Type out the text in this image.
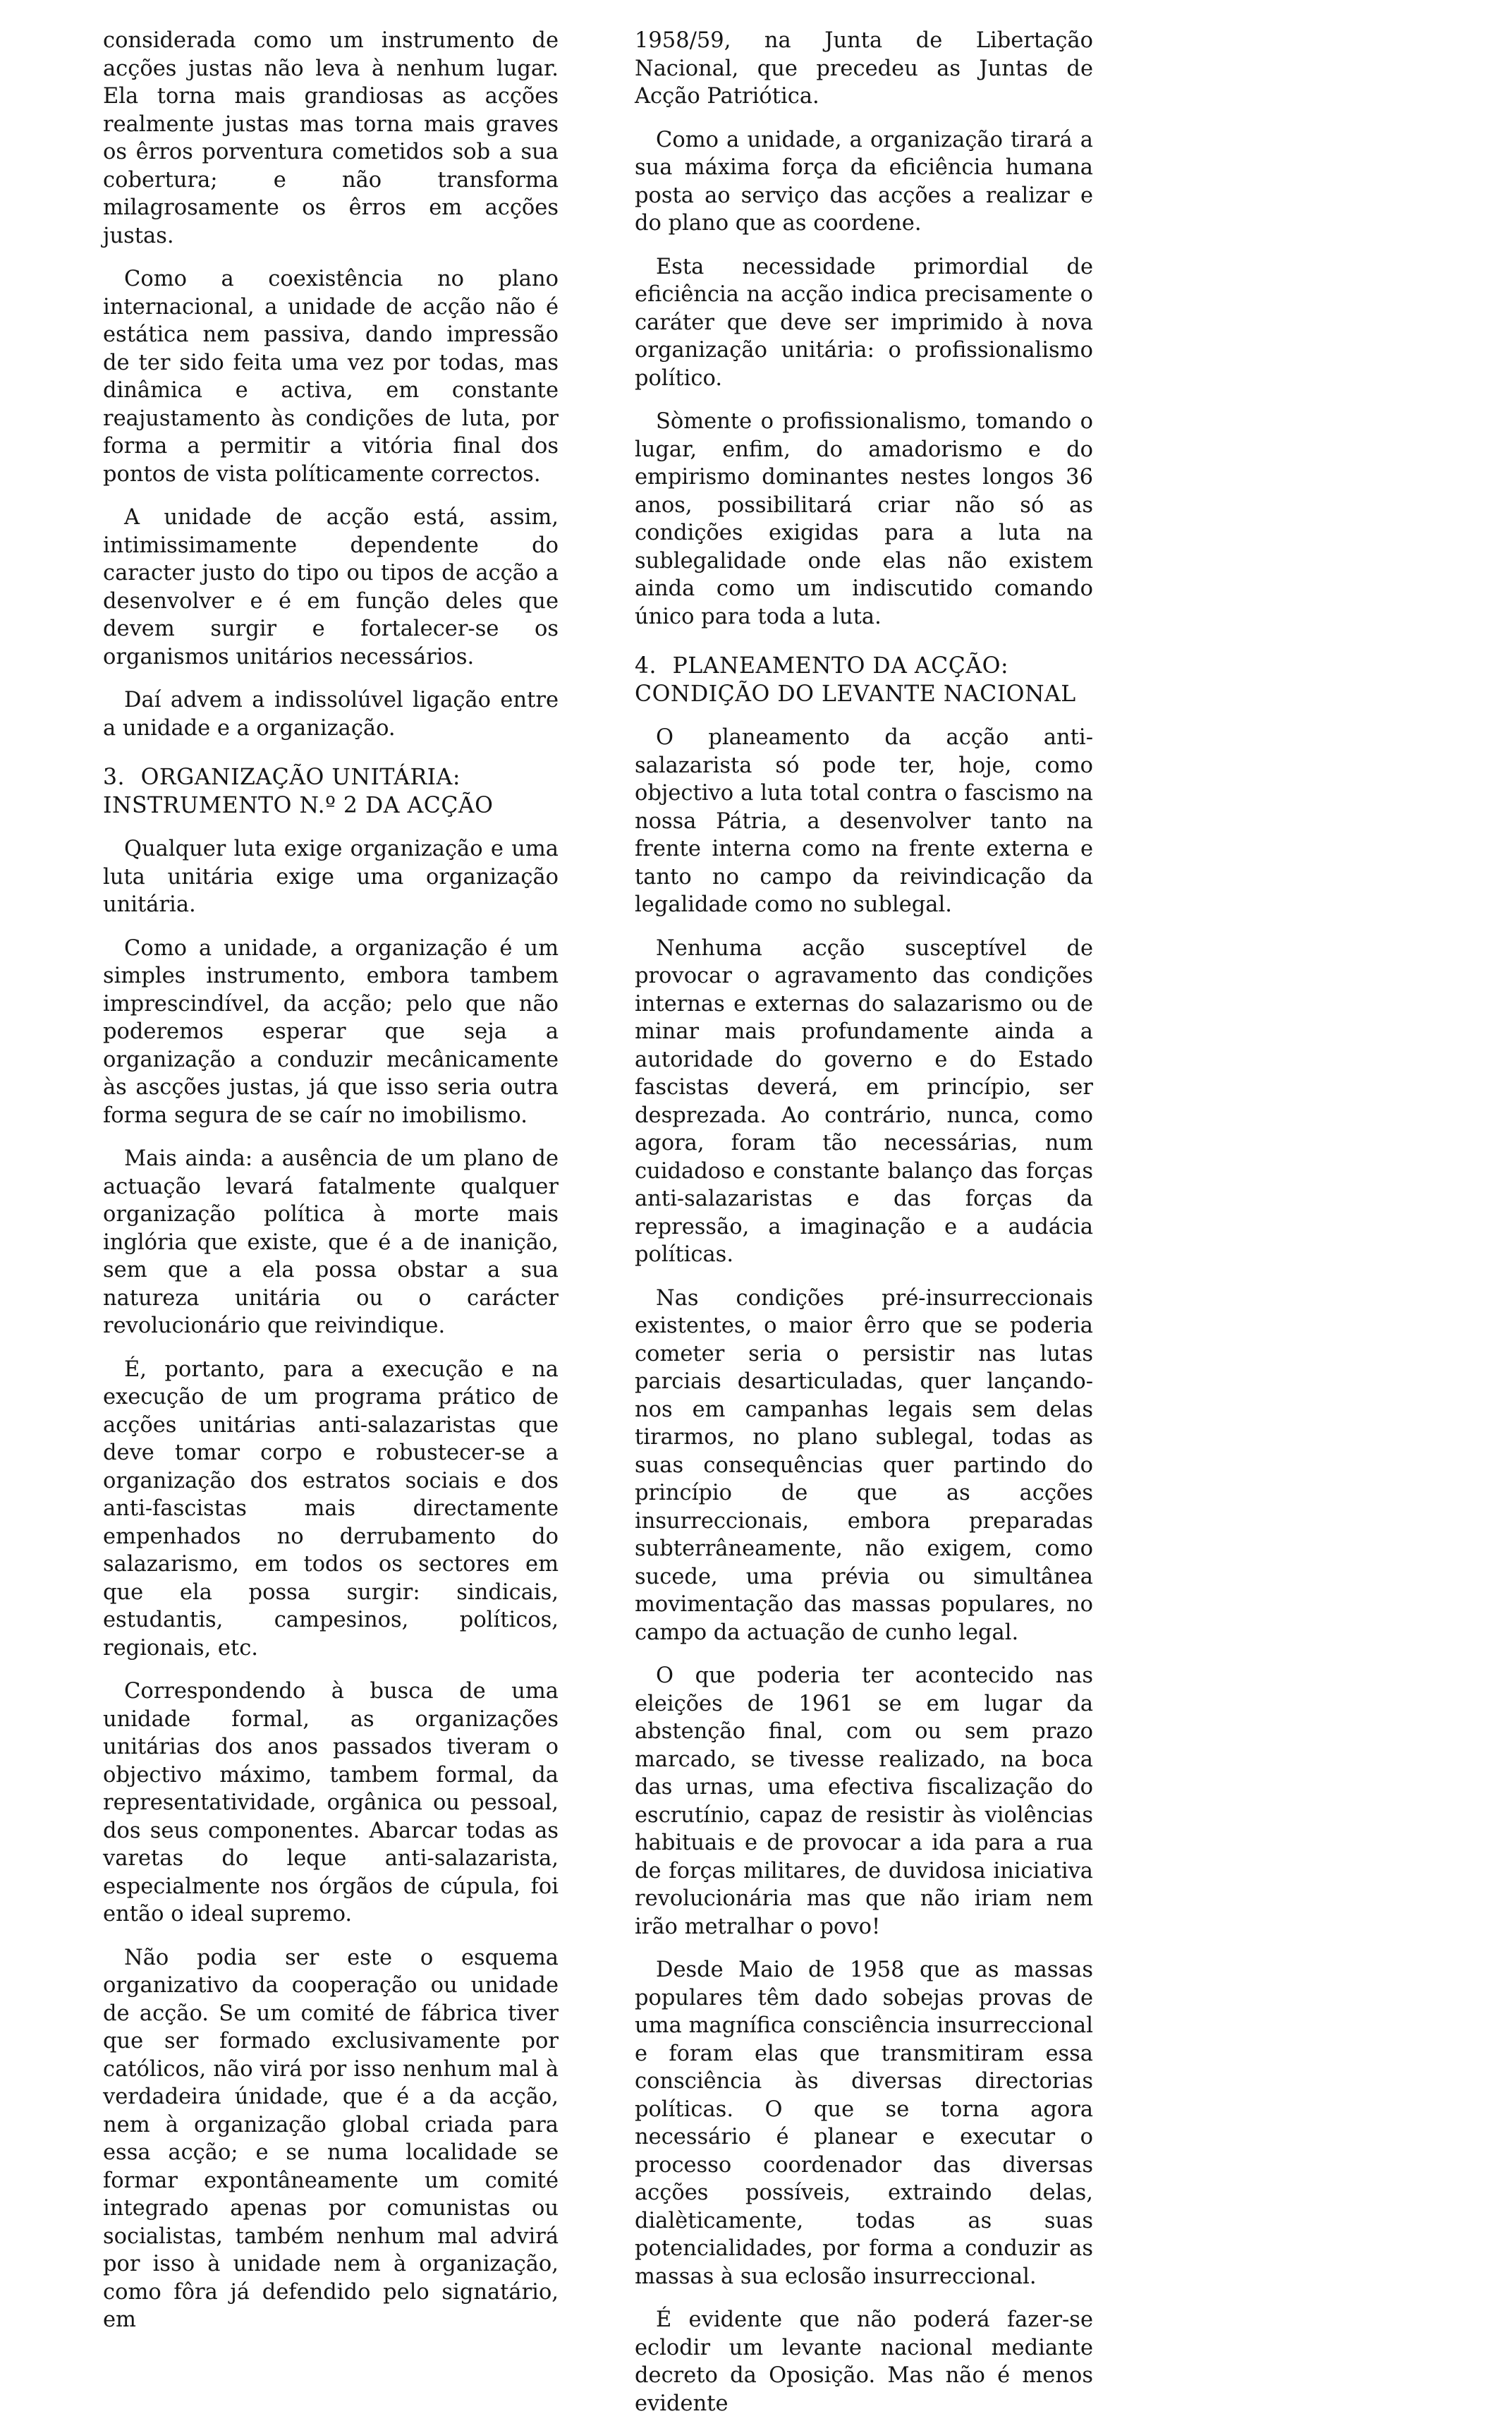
considerada como um instrumento de acções justas não leva à nenhum lugar. Ela torna mais grandiosas as acções realmente justas mas torna mais graves os êrros porventura cometidos sob a sua cobertura; e não transforma milagrosamente os êrros em acções justas.

Como a coexistência no plano internacional, a unidade de acção não é estática nem passiva, dando impressão de ter sido feita uma vez por todas, mas dinâmica e activa, em constante reajustamento às condições de luta, por forma a permitir a vitória final dos pontos de vista políticamente correctos.

A unidade de acção está, assim, intimissimamente dependente do caracter justo do tipo ou tipos de acção a desenvolver e é em função deles que devem surgir e fortalecer-se os organismos unitários necessários.

Daí advem a indissolúvel ligação entre a unidade e a organização.

3. ORGANIZAÇÃO UNITÁRIA:
INSTRUMENTO N.º 2 DA ACÇÃO

Qualquer luta exige organização e uma luta unitária exige uma organização unitária.

Como a unidade, a organização é um simples instrumento, embora tambem imprescindível, da acção; pelo que não poderemos esperar que seja a organização a conduzir mecânicamente às ascções justas, já que isso seria outra forma segura de se caír no imobilismo.

Mais ainda: a ausência de um plano de actuação levará fatalmente qualquer organização política à morte mais inglória que existe, que é a de inanição, sem que a ela possa obstar a sua natureza unitária ou o carácter revolucionário que reivindique.

É, portanto, para a execução e na execução de um programa prático de acções unitárias anti-salazaristas que deve tomar corpo e robustecer-se a organização dos estratos sociais e dos anti-fascistas mais directamente empenhados no derrubamento do salazarismo, em todos os sectores em que ela possa surgir: sindicais, estudantis, campesinos, políticos, regionais, etc.

Correspondendo à busca de uma unidade formal, as organizações unitárias dos anos passados tiveram o objectivo máximo, tambem formal, da representatividade, orgânica ou pessoal, dos seus componentes. Abarcar todas as varetas do leque anti-salazarista, especialmente nos órgãos de cúpula, foi então o ideal supremo.

Não podia ser este o esquema organizativo da cooperação ou unidade de acção. Se um comité de fábrica tiver que ser formado exclusivamente por católicos, não virá por isso nenhum mal à verdadeira únidade, que é a da acção, nem à organização global criada para essa acção; e se numa localidade se formar expontâneamente um comité integrado apenas por comunistas ou socialistas, também nenhum mal advirá por isso à unidade nem à organização, como fôra já defendido pelo signatário, em

1958/59, na Junta de Libertação Nacional, que precedeu as Juntas de Acção Patriótica.

Como a unidade, a organização tirará a sua máxima força da eficiência humana posta ao serviço das acções a realizar e do plano que as coordene.

Esta necessidade primordial de eficiência na acção indica precisamente o caráter que deve ser imprimido à nova organização unitária: o profissionalismo político.

Sòmente o profissionalismo, tomando o lugar, enfim, do amadorismo e do empirismo dominantes nestes longos 36 anos, possibilitará criar não só as condições exigidas para a luta na sublegalidade onde elas não existem ainda como um indiscutido comando único para toda a luta.

4. PLANEAMENTO DA ACÇÃO:
CONDIÇÃO DO LEVANTE NACIONAL

O planeamento da acção anti-salazarista só pode ter, hoje, como objectivo a luta total contra o fascismo na nossa Pátria, a desenvolver tanto na frente interna como na frente externa e tanto no campo da reivindicação da legalidade como no sublegal.

Nenhuma acção susceptível de provocar o agravamento das condições internas e externas do salazarismo ou de minar mais profundamente ainda a autoridade do governo e do Estado fascistas deverá, em princípio, ser desprezada. Ao contrário, nunca, como agora, foram tão necessárias, num cuidadoso e constante balanço das forças anti-salazaristas e das forças da repressão, a imaginação e a audácia políticas.

Nas condições pré-insurreccionais existentes, o maior êrro que se poderia cometer seria o persistir nas lutas parciais desarticuladas, quer lançando-nos em campanhas legais sem delas tirarmos, no plano sublegal, todas as suas consequências quer partindo do princípio de que as acções insurreccionais, embora preparadas subterrâneamente, não exigem, como sucede, uma prévia ou simultânea movimentação das massas populares, no campo da actuação de cunho legal.

O que poderia ter acontecido nas eleições de 1961 se em lugar da abstenção final, com ou sem prazo marcado, se tivesse realizado, na boca das urnas, uma efectiva fiscalização do escrutínio, capaz de resistir às violências habituais e de provocar a ida para a rua de forças militares, de duvidosa iniciativa revolucionária mas que não iriam nem irão metralhar o povo!

Desde Maio de 1958 que as massas populares têm dado sobejas provas de uma magnífica consciência insurreccional e foram elas que transmitiram essa consciência às diversas directorias políticas. O que se torna agora necessário é planear e executar o processo coordenador das diversas acções possíveis, extraindo delas, dialèticamente, todas as suas potencialidades, por forma a conduzir as massas à sua eclosão insurreccional.

É evidente que não poderá fazer-se eclodir um levante nacional mediante decreto da Oposição. Mas não é menos evidente
